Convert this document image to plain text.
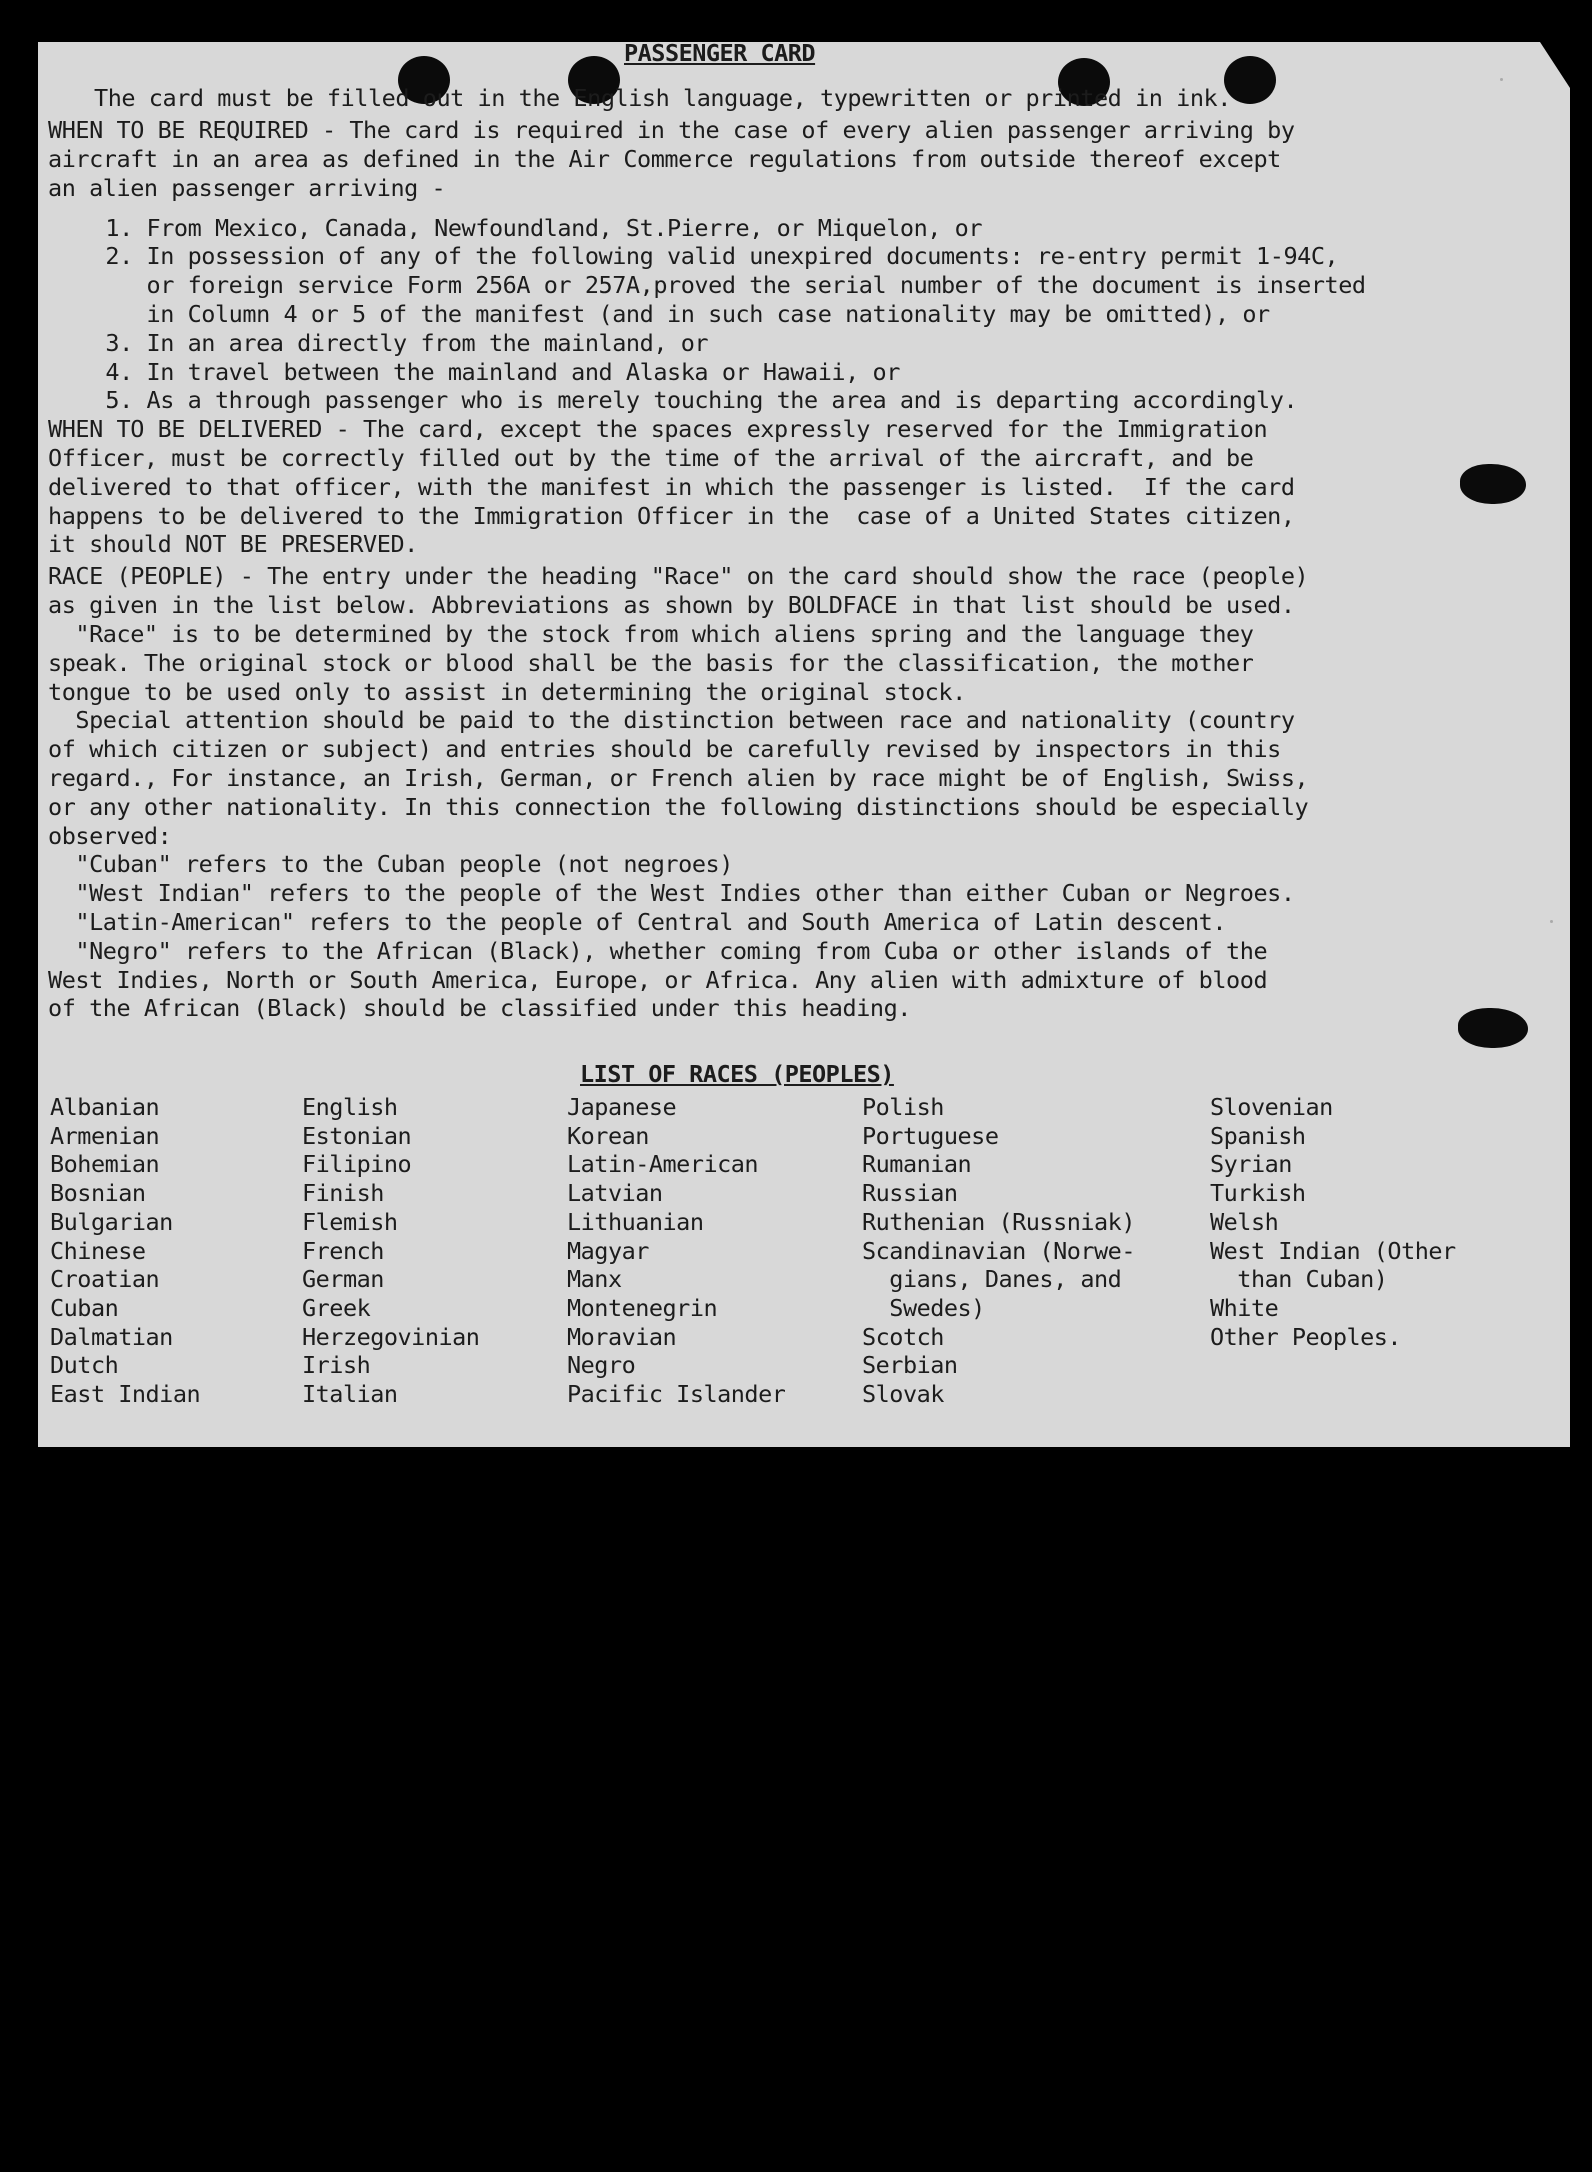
PASSENGER CARD
The card must be filled out in the English language, typewritten or printed in ink.
WHEN TO BE REQUIRED - The card is required in the case of every alien passenger arriving by
aircraft in an area as defined in the Air Commerce regulations from outside thereof except
an alien passenger arriving -
1. From Mexico, Canada, Newfoundland, St.Pierre, or Miquelon, or
2. In possession of any of the following valid unexpired documents: re-entry permit 1-94C,
or foreign service Form 256A or 257A,proved the serial number of the document is inserted
in Column 4 or 5 of the manifest (and in such case nationality may be omitted), or
3. In an area directly from the mainland, or
4. In travel between the mainland and Alaska or Hawaii, or
5. As a through passenger who is merely touching the area and is departing accordingly.
WHEN TO BE DELIVERED - The card, except the spaces expressly reserved for the Immigration
Officer, must be correctly filled out by the time of the arrival of the aircraft, and be
delivered to that officer, with the manifest in which the passenger is listed.  If the card
happens to be delivered to the Immigration Officer in the  case of a United States citizen,
it should NOT BE PRESERVED.
RACE (PEOPLE) - The entry under the heading "Race" on the card should show the race (people)
as given in the list below. Abbreviations as shown by BOLDFACE in that list should be used.
"Race" is to be determined by the stock from which aliens spring and the language they
speak. The original stock or blood shall be the basis for the classification, the mother
tongue to be used only to assist in determining the original stock.
Special attention should be paid to the distinction between race and nationality (country
of which citizen or subject) and entries should be carefully revised by inspectors in this
regard., For instance, an Irish, German, or French alien by race might be of English, Swiss,
or any other nationality. In this connection the following distinctions should be especially
observed:
"Cuban" refers to the Cuban people (not negroes)
"West Indian" refers to the people of the West Indies other than either Cuban or Negroes.
"Latin-American" refers to the people of Central and South America of Latin descent.
"Negro" refers to the African (Black), whether coming from Cuba or other islands of the
West Indies, North or South America, Europe, or Africa. Any alien with admixture of blood
of the African (Black) should be classified under this heading.
LIST OF RACES (PEOPLES)
Albanian
Armenian
Bohemian
Bosnian
Bulgarian
Chinese
Croatian
Cuban
Dalmatian
Dutch
East Indian
English
Estonian
Filipino
Finish
Flemish
French
German
Greek
Herzegovinian
Irish
Italian
Japanese
Korean
Latin-American
Latvian
Lithuanian
Magyar
Manx
Montenegrin
Moravian
Negro
Pacific Islander
Polish
Portuguese
Rumanian
Russian
Ruthenian (Russniak)
Scandinavian (Norwe-
gians, Danes, and
Swedes)
Scotch
Serbian
Slovak
Slovenian
Spanish
Syrian
Turkish
Welsh
West Indian (Other
than Cuban)
White
Other Peoples.
